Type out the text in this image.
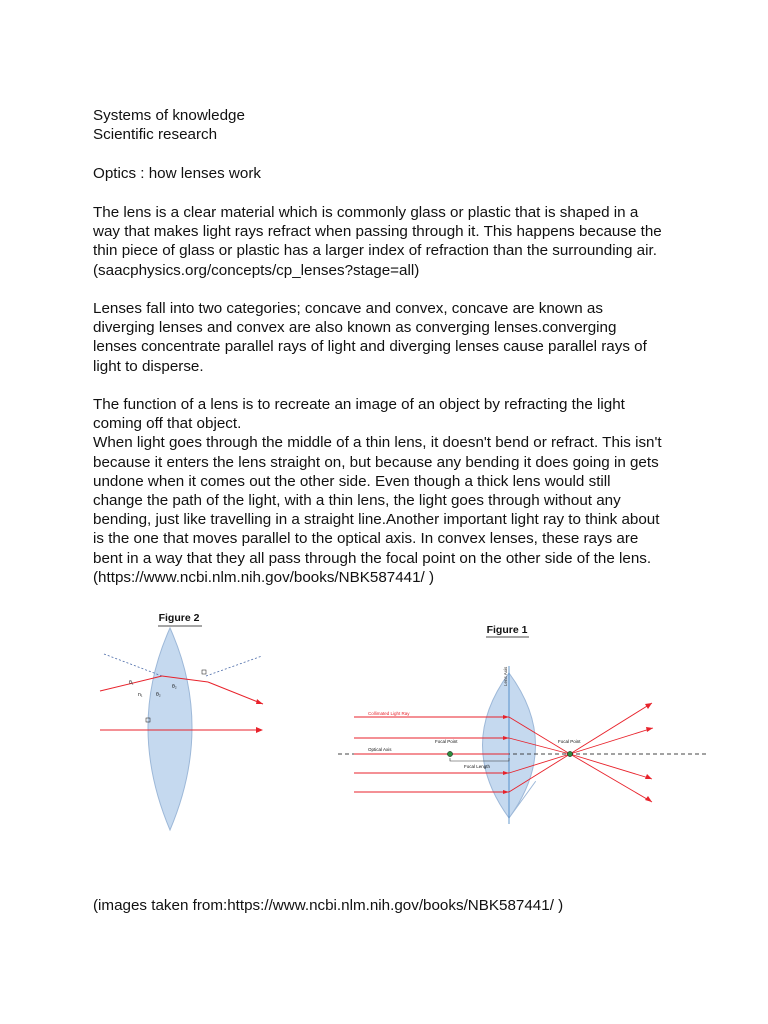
Systems of knowledge
Scientific research
Optics : how lenses work
The lens is a clear material which is commonly glass or plastic that is shaped in a
way that makes light rays refract when passing through it. This happens because the
thin piece of glass or plastic has a larger index of refraction than the surrounding air.
(saacphysics.org/concepts/cp_lenses?stage=all)
Lenses fall into two categories; concave and convex, concave are known as
diverging lenses and convex are also known as converging lenses.converging
lenses concentrate parallel rays of light and diverging lenses cause parallel rays of
light to disperse.
The function of a lens is to recreate an image of an object by refracting the light
coming off that object.
When light goes through the middle of a thin lens, it doesn't bend or refract. This isn't
because it enters the lens straight on, but because any bending it does going in gets
undone when it comes out the other side. Even though a thick lens would still
change the path of the light, with a thin lens, the light goes through without any
bending, just like travelling in a straight line.Another important light ray to think about
is the one that moves parallel to the optical axis. In convex lenses, these rays are
bent in a way that they all pass through the focal point on the other side of the lens.
(https://www.ncbi.nlm.nih.gov/books/NBK587441/ )
Figure 2
θ₁
n₁	θ₂
θ₂
Figure 1
Lens Axis
Optical Axis
Collimated Light Ray
Focal Point	Focal Point
Focal Length
(images taken from:https://www.ncbi.nlm.nih.gov/books/NBK587441/ )
